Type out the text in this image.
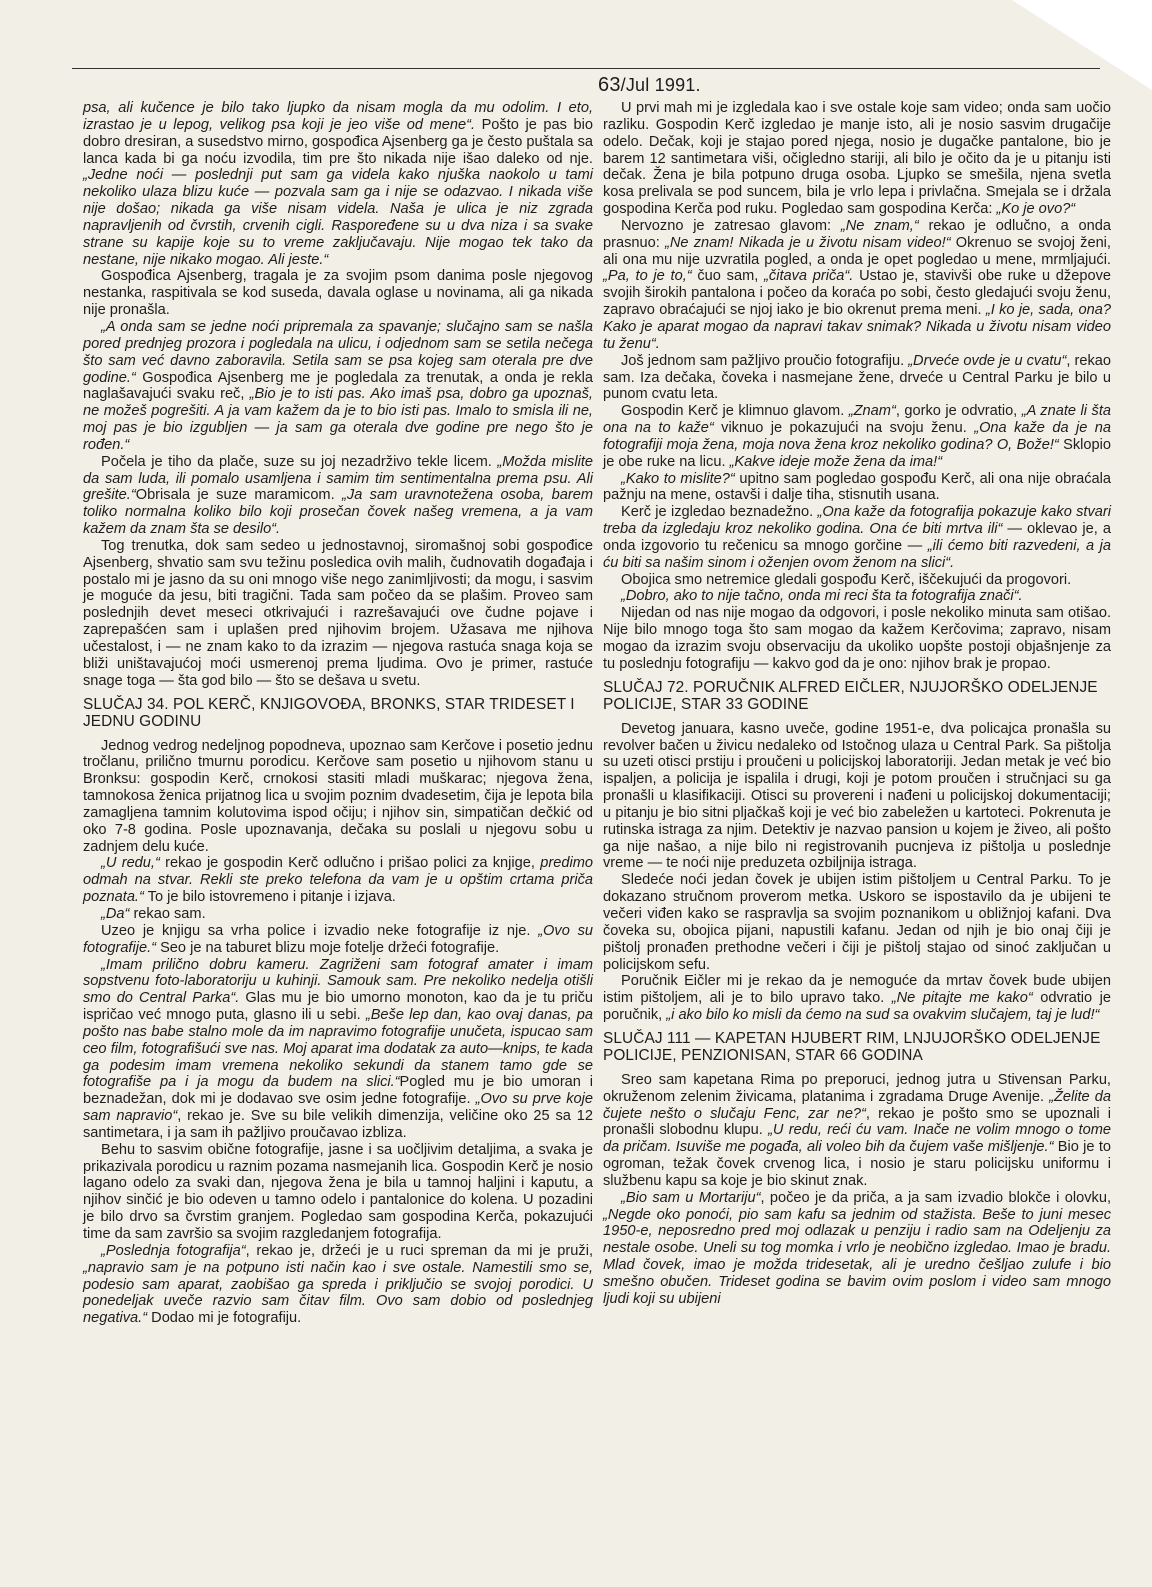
63/Jul 1991.

psa, ali kučence je bilo tako ljupko da nisam mogla da mu odolim. I eto, izrastao je u lepog, velikog psa koji je jeo više od mene“. Pošto je pas bio dobro dresiran, a susedstvo mirno, gospođica Ajsenberg ga je često puštala sa lanca kada bi ga noću izvodila, tim pre što nikada nije išao daleko od nje. „Jedne noći — poslednji put sam ga videla kako njuška naokolo u tami nekoliko ulaza blizu kuće — pozvala sam ga i nije se odazvao. I nikada više nije došao; nikada ga više nisam videla. Naša je ulica je niz zgrada napravljenih od čvrstih, crvenih cigli. Raspoređene su u dva niza i sa svake strane su kapije koje su to vreme zaključavaju. Nije mogao tek tako da nestane, nije nikako mogao. Ali jeste.“

Gospođica Ajsenberg, tragala je za svojim psom danima posle njegovog nestanka, raspitivala se kod suseda, davala oglase u novinama, ali ga nikada nije pronašla.

„A onda sam se jedne noći pripremala za spavanje; slučajno sam se našla pored prednjeg prozora i pogledala na ulicu, i odjednom sam se setila nečega što sam već davno zaboravila. Setila sam se psa kojeg sam oterala pre dve godine.“ Gospođica Ajsenberg me je pogledala za trenutak, a onda je rekla naglašavajući svaku reč, „Bio je to isti pas. Ako imaš psa, dobro ga upoznaš, ne možeš pogrešiti. A ja vam kažem da je to bio isti pas. Imalo to smisla ili ne, moj pas je bio izgubljen — ja sam ga oterala dve godine pre nego što je rođen.“

Počela je tiho da plače, suze su joj nezadrživo tekle licem. „Možda mislite da sam luda, ili pomalo usamljena i samim tim sentimentalna prema psu. Ali grešite.“Obrisala je suze maramicom. „Ja sam uravnotežena osoba, barem toliko normalna koliko bilo koji prosečan čovek našeg vremena, a ja vam kažem da znam šta se desilo“.

Tog trenutka, dok sam sedeo u jednostavnoj, siromašnoj sobi gospođice Ajsenberg, shvatio sam svu težinu posledica ovih malih, čudnovatih događaja i postalo mi je jasno da su oni mnogo više nego zanimljivosti; da mogu, i sasvim je moguće da jesu, biti tragični. Tada sam počeo da se plašim. Proveo sam poslednjih devet meseci otkrivajući i razrešavajući ove čudne pojave i zaprepašćen sam i uplašen pred njihovim brojem. Užasava me njihova učestalost, i — ne znam kako to da izrazim — njegova rastuća snaga koja se bliži uništavajućoj moći usmerenoj prema ljudima. Ovo je primer, rastuće snage toga — šta god bilo — što se dešava u svetu.

SLUČAJ 34. POL KERČ, KNJIGOVOĐA, BRONKS, STAR TRIDESET I JEDNU GODINU

Jednog vedrog nedeljnog popodneva, upoznao sam Kerčove i posetio jednu tročlanu, prilično tmurnu porodicu. Kerčove sam posetio u njihovom stanu u Bronksu: gospodin Kerč, crnokosi stasiti mladi muškarac; njegova žena, tamnokosa ženica prijatnog lica u svojim poznim dvadesetim, čija je lepota bila zamagljena tamnim kolutovima ispod očiju; i njihov sin, simpatičan dečkić od oko 7-8 godina. Posle upoznavanja, dečaka su poslali u njegovu sobu u zadnjem delu kuće.

„U redu,“ rekao je gospodin Kerč odlučno i prišao polici za knjige, predimo odmah na stvar. Rekli ste preko telefona da vam je u opštim crtama priča poznata.“ To je bilo istovremeno i pitanje i izjava.

„Da“ rekao sam.

Uzeo je knjigu sa vrha police i izvadio neke fotografije iz nje. „Ovo su fotografije.“ Seo je na taburet blizu moje fotelje držeći fotografije.

„Imam prilično dobru kameru. Zagriženi sam fotograf amater i imam sopstvenu foto-laboratoriju u kuhinji. Samouk sam. Pre nekoliko nedelja otišli smo do Central Parka“. Glas mu je bio umorno monoton, kao da je tu priču ispričao već mnogo puta, glasno ili u sebi. „Beše lep dan, kao ovaj danas, pa pošto nas babe stalno mole da im napravimo fotografije unučeta, ispucao sam ceo film, fotografišući sve nas. Moj aparat ima dodatak za auto—knips, te kada ga podesim imam vremena nekoliko sekundi da stanem tamo gde se fotografiše pa i ja mogu da budem na slici.“Pogled mu je bio umoran i beznadežan, dok mi je dodavao sve osim jedne fotografije. „Ovo su prve koje sam napravio“, rekao je. Sve su bile velikih dimenzija, veličine oko 25 sa 12 santimetara, i ja sam ih pažljivo proučavao izbliza.

Behu to sasvim obične fotografije, jasne i sa uočljivim detaljima, a svaka je prikazivala porodicu u raznim pozama nasmejanih lica. Gospodin Kerč je nosio lagano odelo za svaki dan, njegova žena je bila u tamnoj haljini i kaputu, a njihov sinčić je bio odeven u tamno odelo i pantalonice do kolena. U pozadini je bilo drvo sa čvrstim granjem. Pogledao sam gospodina Kerča, pokazujući time da sam završio sa svojim razgledanjem fotografija.

„Poslednja fotografija“, rekao je, držeći je u ruci spreman da mi je pruži, „napravio sam je na potpuno isti način kao i sve ostale. Namestili smo se, podesio sam aparat, zaobišao ga spreda i priključio se svojoj porodici. U ponedeljak uveče razvio sam čitav film. Ovo sam dobio od poslednjeg negativa.“ Dodao mi je fotografiju.

U prvi mah mi je izgledala kao i sve ostale koje sam video; onda sam uočio razliku. Gospodin Kerč izgledao je manje isto, ali je nosio sasvim drugačije odelo. Dečak, koji je stajao pored njega, nosio je dugačke pantalone, bio je barem 12 santimetara viši, očigledno stariji, ali bilo je očito da je u pitanju isti dečak. Žena je bila potpuno druga osoba. Ljupko se smešila, njena svetla kosa prelivala se pod suncem, bila je vrlo lepa i privlačna. Smejala se i držala gospodina Kerča pod ruku. Pogledao sam gospodina Kerča: „Ko je ovo?“

Nervozno je zatresao glavom: „Ne znam,“ rekao je odlučno, a onda prasnuo: „Ne znam! Nikada je u životu nisam video!“ Okrenuo se svojoj ženi, ali ona mu nije uzvratila pogled, a onda je opet pogledao u mene, mrmljajući. „Pa, to je to,“ čuo sam, „čitava priča“. Ustao je, stavivši obe ruke u džepove svojih širokih pantalona i počeo da koraća po sobi, često gledajući svoju ženu, zapravo obraćajući se njoj iako je bio okrenut prema meni. „I ko je, sada, ona? Kako je aparat mogao da napravi takav snimak? Nikada u životu nisam video tu ženu“.

Još jednom sam pažljivo proučio fotografiju. „Drveće ovde je u cvatu“, rekao sam. Iza dečaka, čoveka i nasmejane žene, drveće u Central Parku je bilo u punom cvatu leta.

Gospodin Kerč je klimnuo glavom. „Znam“, gorko je odvratio, „A znate li šta ona na to kaže“ viknuo je pokazujući na svoju ženu. „Ona kaže da je na fotografiji moja žena, moja nova žena kroz nekoliko godina? O, Bože!“ Sklopio je obe ruke na licu. „Kakve ideje može žena da ima!“

„Kako to mislite?“ upitno sam pogledao gospođu Kerč, ali ona nije obraćala pažnju na mene, ostavši i dalje tiha, stisnutih usana.

Kerč je izgledao beznadežno. „Ona kaže da fotografija pokazuje kako stvari treba da izgledaju kroz nekoliko godina. Ona će biti mrtva ili“ — oklevao je, a onda izgovorio tu rečenicu sa mnogo gorčine — „ili ćemo biti razvedeni, a ja ću biti sa našim sinom i oženjen ovom ženom na slici“.

Obojica smo netremice gledali gospođu Kerč, iščekujući da progovori.

„Dobro, ako to nije tačno, onda mi reci šta ta fotografija znači“.

Nijedan od nas nije mogao da odgovori, i posle nekoliko minuta sam otišao. Nije bilo mnogo toga što sam mogao da kažem Kerčovima; zapravo, nisam mogao da izrazim svoju observaciju da ukoliko uopšte postoji objašnjenje za tu poslednju fotografiju — kakvo god da je ono: njihov brak je propao.

SLUČAJ 72. PORUČNIK ALFRED EIČLER, NJUJORŠKO ODELJENJE POLICIJE, STAR 33 GODINE

Devetog januara, kasno uveče, godine 1951-e, dva policajca pronašla su revolver bačen u živicu nedaleko od Istočnog ulaza u Central Park. Sa pištolja su uzeti otisci prstiju i proučeni u policijskoj laboratoriji. Jedan metak je već bio ispaljen, a policija je ispalila i drugi, koji je potom proučen i stručnjaci su ga pronašli u klasifikaciji. Otisci su provereni i nađeni u policijskoj dokumentaciji; u pitanju je bio sitni pljačkaš koji je već bio zabeležen u kartoteci. Pokrenuta je rutinska istraga za njim. Detektiv je nazvao pansion u kojem je živeo, ali pošto ga nije našao, a nije bilo ni registrovanih pucnjeva iz pištolja u poslednje vreme — te noći nije preduzeta ozbiljnija istraga.

Sledeće noći jedan čovek je ubijen istim pištoljem u Central Parku. To je dokazano stručnom proverom metka. Uskoro se ispostavilo da je ubijeni te večeri viđen kako se raspravlja sa svojim poznanikom u obližnjoj kafani. Dva čoveka su, obojica pijani, napustili kafanu. Jedan od njih je bio onaj čiji je pištolj pronađen prethodne večeri i čiji je pištolj stajao od sinoć zaključan u policijskom sefu.

Poručnik Eičler mi je rekao da je nemoguće da mrtav čovek bude ubijen istim pištoljem, ali je to bilo upravo tako. „Ne pitajte me kako“ odvratio je poručnik, „i ako bilo ko misli da ćemo na sud sa ovakvim slučajem, taj je lud!“

SLUČAJ 111 — KAPETAN HJUBERT RIM, LNJUJORŠKO ODELJENJE POLICIJE, PENZIONISAN, STAR 66 GODINA

Sreo sam kapetana Rima po preporuci, jednog jutra u Stivensan Parku, okruženom zelenim živicama, platanima i zgradama Druge Avenije. „Želite da čujete nešto o slučaju Fenc, zar ne?“, rekao je pošto smo se upoznali i pronašli slobodnu klupu. „U redu, reći ću vam. Inače ne volim mnogo o tome da pričam. Isuviše me pogađa, ali voleo bih da čujem vaše mišljenje.“ Bio je to ogroman, težak čovek crvenog lica, i nosio je staru policijsku uniformu i službenu kapu sa koje je bio skinut znak.

„Bio sam u Mortariju“, počeo je da priča, a ja sam izvadio blokče i olovku, „Negde oko ponoći, pio sam kafu sa jednim od stažista. Beše to juni mesec 1950-e, neposredno pred moj odlazak u penziju i radio sam na Odeljenju za nestale osobe. Uneli su tog momka i vrlo je neobično izgledao. Imao je bradu. Mlad čovek, imao je možda tridesetak, ali je uredno češljao zulufe i bio smešno obučen. Trideset godina se bavim ovim poslom i video sam mnogo ljudi koji su ubijeni
